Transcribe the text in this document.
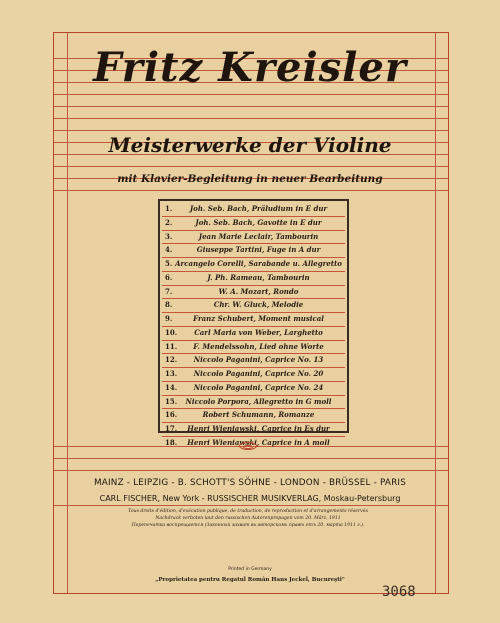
Fritz Kreisler
Meisterwerke der Violine
mit Klavier-Begleitung in neuer Bearbeitung
1.	Joh. Seb. Bach, Präludium in E dur
2.	Joh. Seb. Bach, Gavotte in E dur
3.	Jean Marie Leclair, Tambourin
4.	Giuseppe Tartini, Fuge in A dur
5. Arcangelo Corelli, Sarabande u. Allegretto
6.	J. Ph. Rameau, Tambourin
7.	W. A. Mozart, Rondo
8.	Chr. W. Gluck, Melodie
9.	Franz Schubert, Moment musical
10.	Carl Maria von Weber, Larghetto
11.	F. Mendelssohn, Lied ohne Worte
12.	Niccolo Paganini, Caprice No. 13
13.	Niccolo Paganini, Caprice No. 20
14.	Niccolo Paganini, Caprice No. 24
15.	Niccolo Porpora, Allegretto in G moll
16.	Robert Schumann, Romanze
17.	Henri Wieniawski, Caprice in Es dur
18.	Henri Wieniawski, Caprice in A moll
MAINZ - LEIPZIG - B. SCHOTT'S SÖHNE - LONDON - BRÜSSEL - PARIS
CARL FISCHER, New York - RUSSISCHER MUSIKVERLAG, Moskau-Petersburg
Tous droits d'édition, d'exécution publique, de traduction, de reproduction et d'arrangements réservés
Nachdruck verboten laut den russischen Autorenpropagen vom 20. März, 1911
Перепечатка воспрещается (Законный захват вь авторскомь правѣ отъ 20. марта 1911 г.).
Printed in Germany
„Proprietatea pentru Regatul Român Hans Jeckel, Bucureşti"
3068
